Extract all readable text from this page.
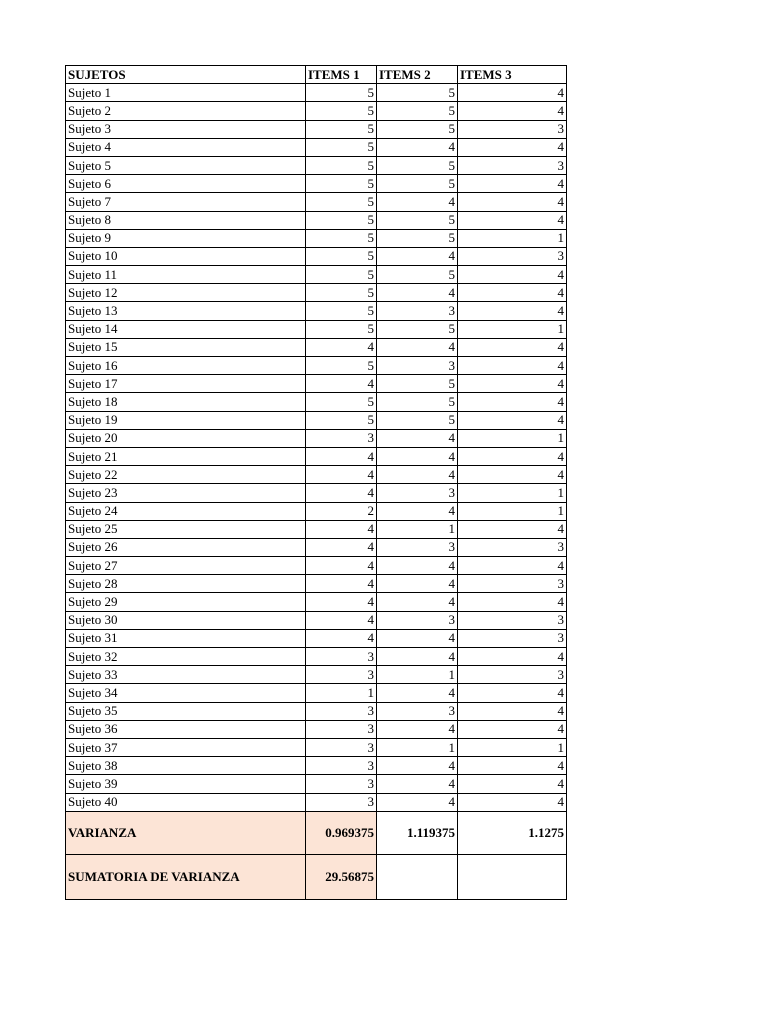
SUJETOS	ITEMS 1	ITEMS 2	ITEMS 3
Sujeto 1	5	5	4
Sujeto 2	5	5	4
Sujeto 3	5	5	3
Sujeto 4	5	4	4
Sujeto 5	5	5	3
Sujeto 6	5	5	4
Sujeto 7	5	4	4
Sujeto 8	5	5	4
Sujeto 9	5	5	1
Sujeto 10	5	4	3
Sujeto 11	5	5	4
Sujeto 12	5	4	4
Sujeto 13	5	3	4
Sujeto 14	5	5	1
Sujeto 15	4	4	4
Sujeto 16	5	3	4
Sujeto 17	4	5	4
Sujeto 18	5	5	4
Sujeto 19	5	5	4
Sujeto 20	3	4	1
Sujeto 21	4	4	4
Sujeto 22	4	4	4
Sujeto 23	4	3	1
Sujeto 24	2	4	1
Sujeto 25	4	1	4
Sujeto 26	4	3	3
Sujeto 27	4	4	4
Sujeto 28	4	4	3
Sujeto 29	4	4	4
Sujeto 30	4	3	3
Sujeto 31	4	4	3
Sujeto 32	3	4	4
Sujeto 33	3	1	3
Sujeto 34	1	4	4
Sujeto 35	3	3	4
Sujeto 36	3	4	4
Sujeto 37	3	1	1
Sujeto 38	3	4	4
Sujeto 39	3	4	4
Sujeto 40	3	4	4
VARIANZA	0.969375	1.119375	1.1275
SUMATORIA DE VARIANZA	29.56875		
